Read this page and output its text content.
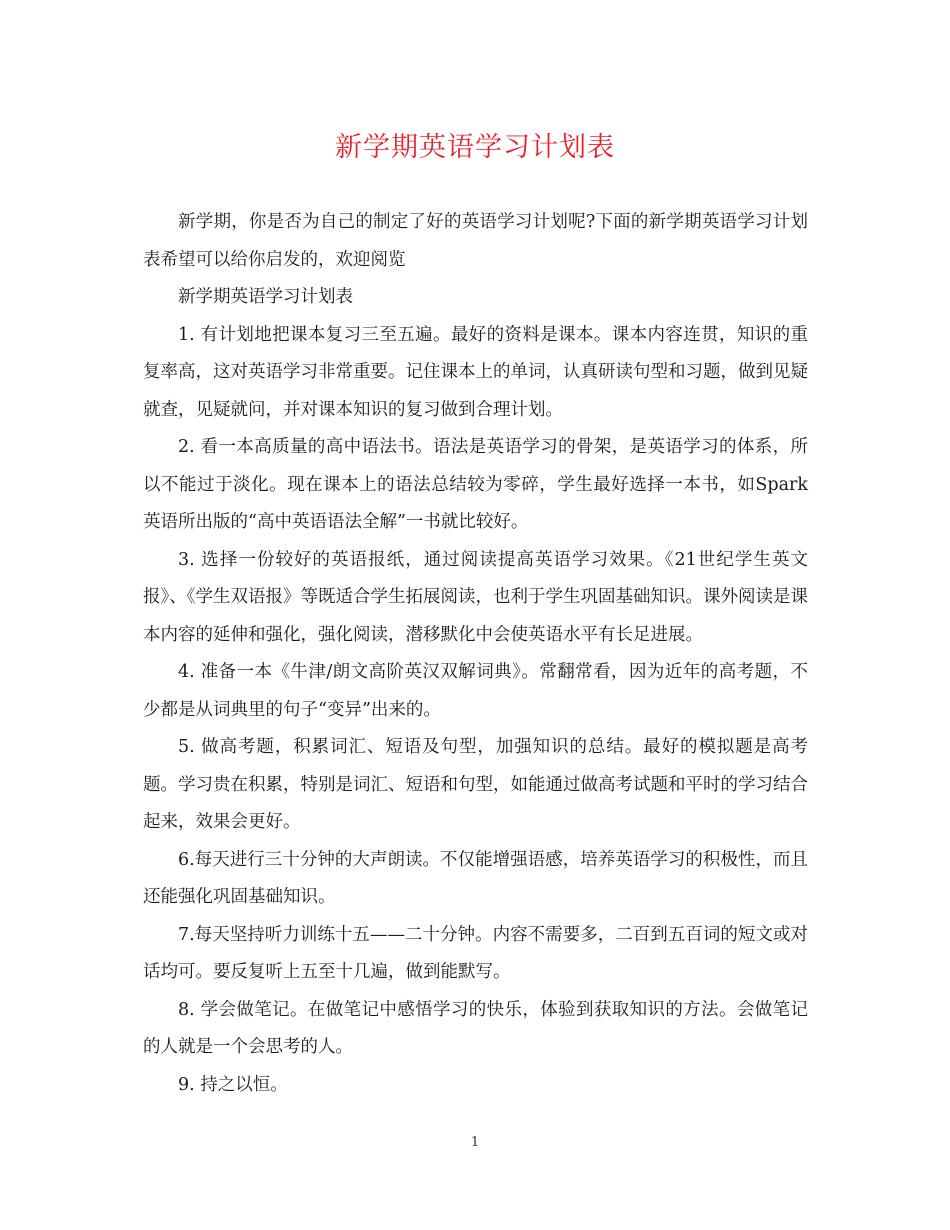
新学期英语学习计划表

新学期，你是否为自己的制定了好的英语学习计划呢?下面的新学期英语学习计划表希望可以给你启发的，欢迎阅览

新学期英语学习计划表

1. 有计划地把课本复习三至五遍。最好的资料是课本。课本内容连贯，知识的重复率高，这对英语学习非常重要。记住课本上的单词，认真研读句型和习题，做到见疑就查，见疑就问，并对课本知识的复习做到合理计划。

2. 看一本高质量的高中语法书。语法是英语学习的骨架，是英语学习的体系，所以不能过于淡化。现在课本上的语法总结较为零碎，学生最好选择一本书，如Spark英语所出版的“高中英语语法全解”一书就比较好。

3. 选择一份较好的英语报纸，通过阅读提高英语学习效果。《21世纪学生英文报》、《学生双语报》等既适合学生拓展阅读，也利于学生巩固基础知识。课外阅读是课本内容的延伸和强化，强化阅读，潜移默化中会使英语水平有长足进展。

4. 准备一本《牛津/朗文高阶英汉双解词典》。常翻常看，因为近年的高考题，不少都是从词典里的句子“变异”出来的。

5. 做高考题，积累词汇、短语及句型，加强知识的总结。最好的模拟题是高考题。学习贵在积累，特别是词汇、短语和句型，如能通过做高考试题和平时的学习结合起来，效果会更好。

6.每天进行三十分钟的大声朗读。不仅能增强语感，培养英语学习的积极性，而且还能强化巩固基础知识。

7.每天坚持听力训练十五——二十分钟。内容不需要多，二百到五百词的短文或对话均可。要反复听上五至十几遍，做到能默写。

8. 学会做笔记。在做笔记中感悟学习的快乐，体验到获取知识的方法。会做笔记的人就是一个会思考的人。

9. 持之以恒。

1
